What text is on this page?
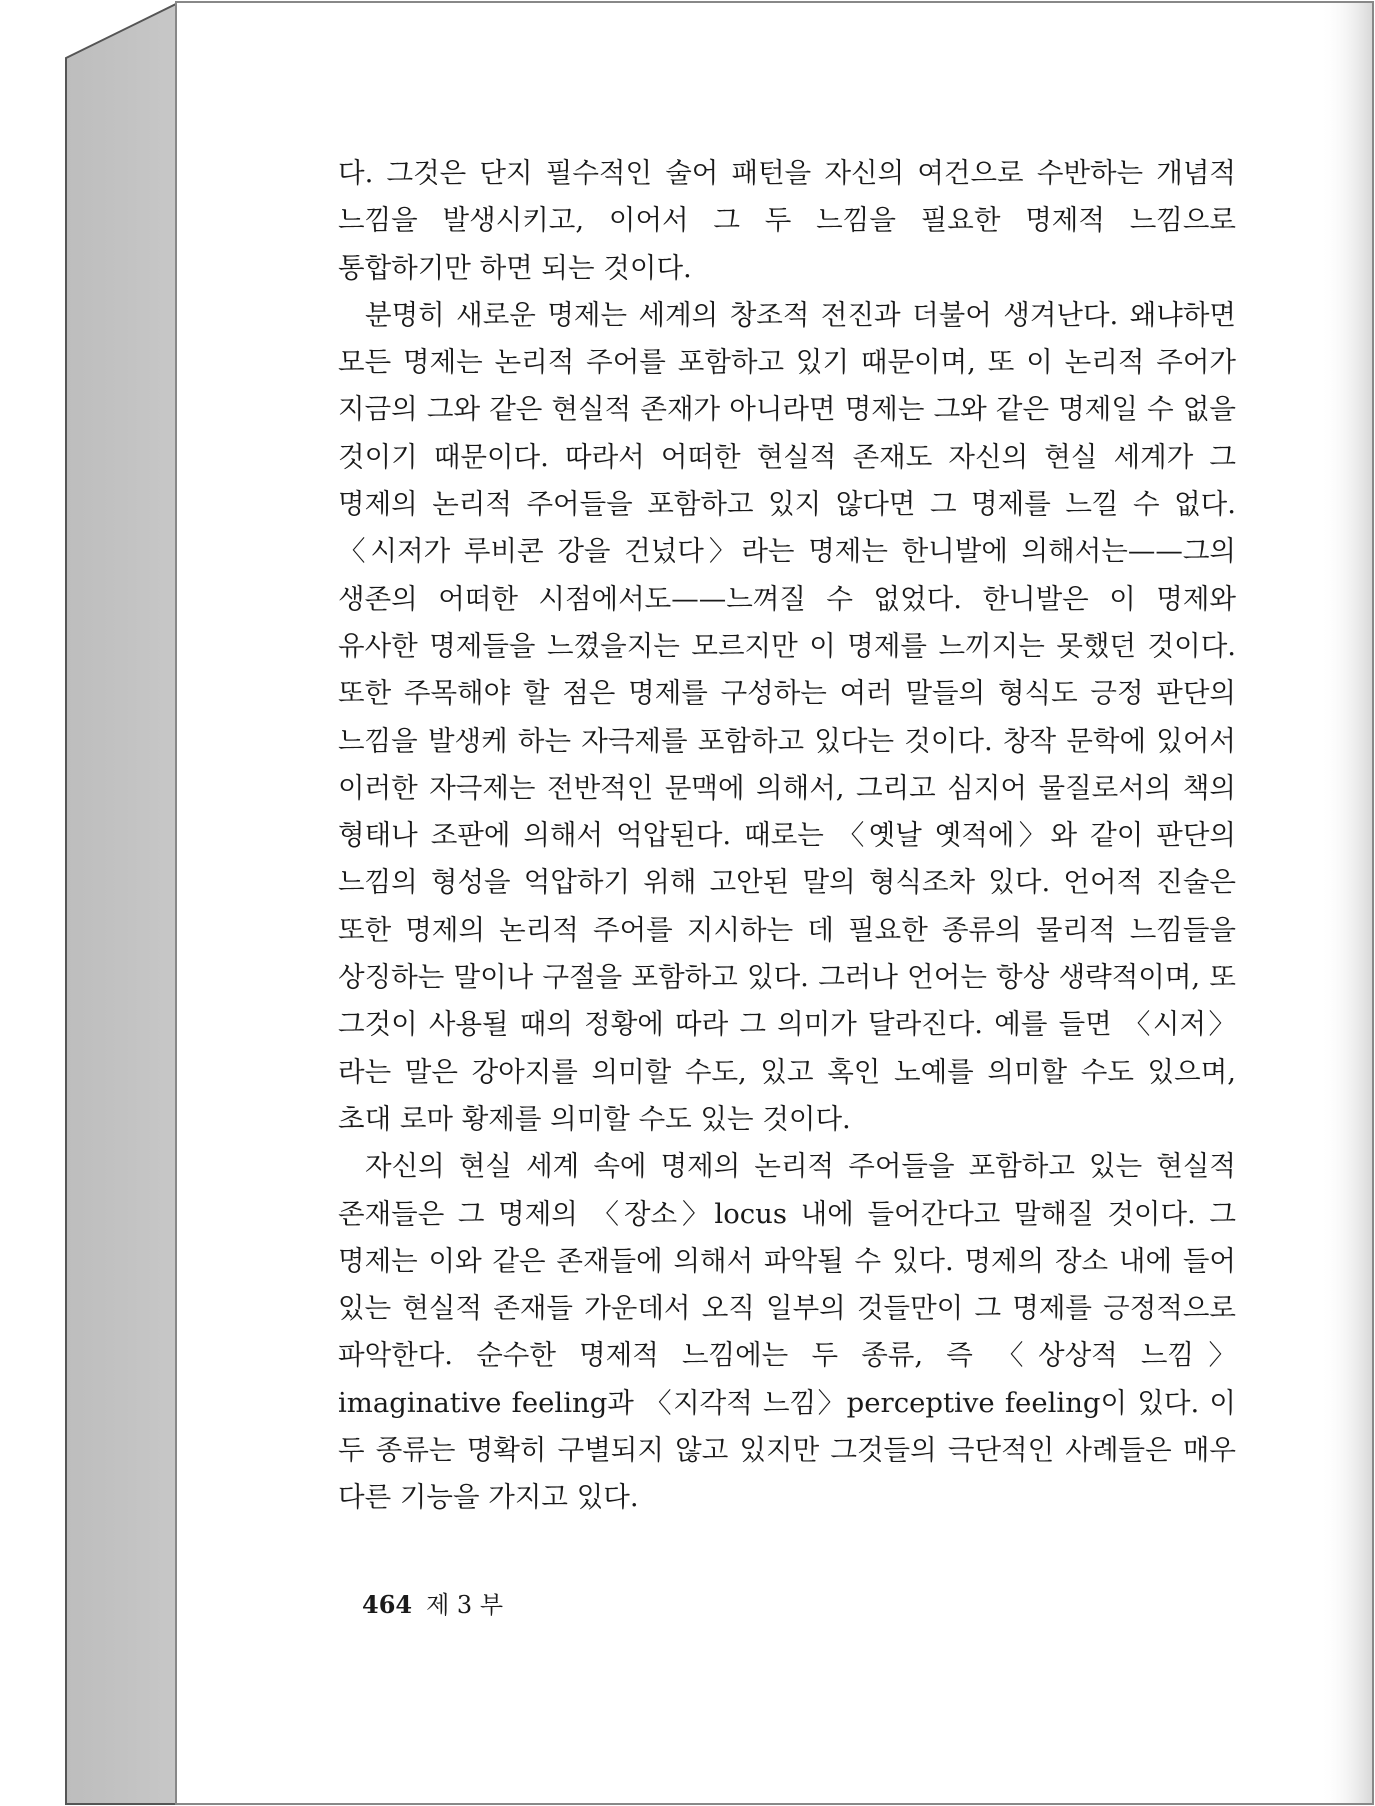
다. 그것은 단지 필수적인 술어 패턴을 자신의 여건으로 수반하는 개념적 느낌을 발생시키고, 이어서 그 두 느낌을 필요한 명제적 느낌으로 통합하기만 하면 되는 것이다.

분명히 새로운 명제는 세계의 창조적 전진과 더불어 생겨난다. 왜냐하면 모든 명제는 논리적 주어를 포함하고 있기 때문이며, 또 이 논리적 주어가 지금의 그와 같은 현실적 존재가 아니라면 명제는 그와 같은 명제일 수 없을 것이기 때문이다. 따라서 어떠한 현실적 존재도 자신의 현실 세계가 그 명제의 논리적 주어들을 포함하고 있지 않다면 그 명제를 느낄 수 없다. 〈시저가 루비콘 강을 건넜다〉라는 명제는 한니발에 의해서는——그의 생존의 어떠한 시점에서도——느껴질 수 없었다. 한니발은 이 명제와 유사한 명제들을 느꼈을지는 모르지만 이 명제를 느끼지는 못했던 것이다. 또한 주목해야 할 점은 명제를 구성하는 여러 말들의 형식도 긍정 판단의 느낌을 발생케 하는 자극제를 포함하고 있다는 것이다. 창작 문학에 있어서 이러한 자극제는 전반적인 문맥에 의해서, 그리고 심지어 물질로서의 책의 형태나 조판에 의해서 억압된다. 때로는 〈옛날 옛적에〉와 같이 판단의 느낌의 형성을 억압하기 위해 고안된 말의 형식조차 있다. 언어적 진술은 또한 명제의 논리적 주어를 지시하는 데 필요한 종류의 물리적 느낌들을 상징하는 말이나 구절을 포함하고 있다. 그러나 언어는 항상 생략적이며, 또 그것이 사용될 때의 정황에 따라 그 의미가 달라진다. 예를 들면 〈시저〉라는 말은 강아지를 의미할 수도, 있고 혹인 노예를 의미할 수도 있으며, 초대 로마 황제를 의미할 수도 있는 것이다.

자신의 현실 세계 속에 명제의 논리적 주어들을 포함하고 있는 현실적 존재들은 그 명제의 〈장소〉locus 내에 들어간다고 말해질 것이다. 그 명제는 이와 같은 존재들에 의해서 파악될 수 있다. 명제의 장소 내에 들어 있는 현실적 존재들 가운데서 오직 일부의 것들만이 그 명제를 긍정적으로 파악한다. 순수한 명제적 느낌에는 두 종류, 즉 〈상상적 느낌〉imaginative feeling과 〈지각적 느낌〉perceptive feeling이 있다. 이 두 종류는 명확히 구별되지 않고 있지만 그것들의 극단적인 사례들은 매우 다른 기능을 가지고 있다.

464 제 3 부
